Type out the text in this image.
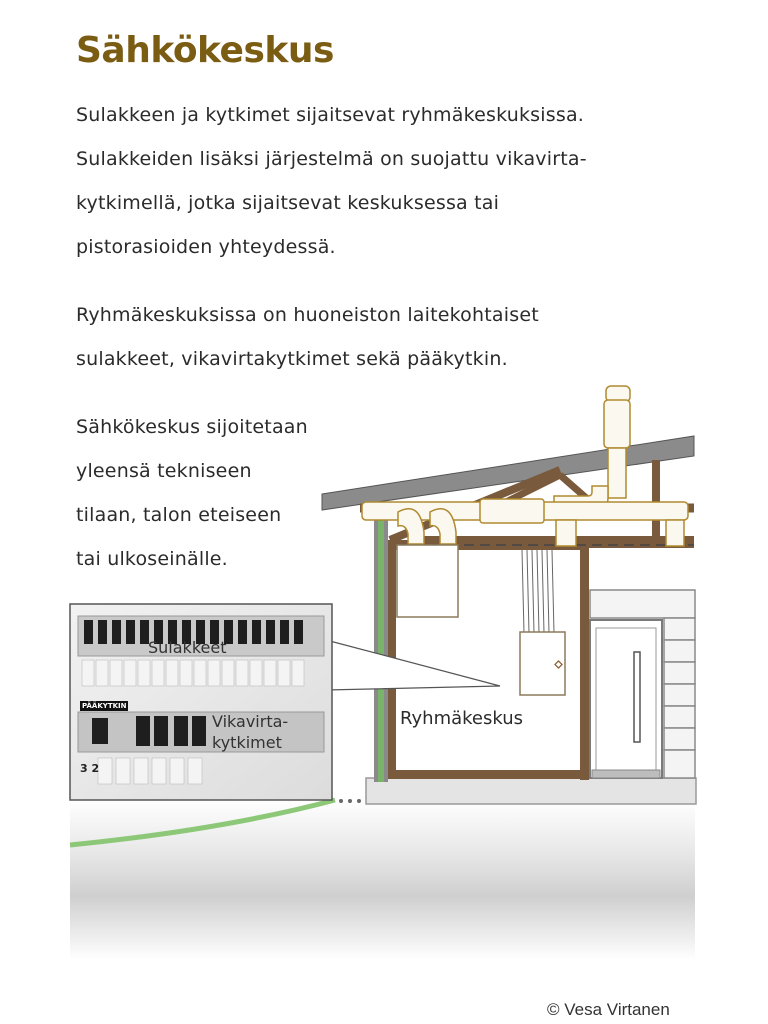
Sähkökeskus
Sulakkeen ja kytkimet sijaitsevat ryhmäkeskuksissa.
Sulakkeiden lisäksi järjestelmä on suojattu vikavirta-
kytkimellä, jotka sijaitsevat keskuksessa tai
pistorasioiden yhteydessä.
Ryhmäkeskuksissa on huoneiston laitekohtaiset
sulakkeet, vikavirtakytkimet sekä pääkytkin.
Sulakkeet
PÄÄKYTKIN
Vikavirta-
kytkimet
3 2
Sähkökeskus sijoitetaan
yleensä tekniseen
tilaan, talon eteiseen
tai ulkoseinälle.
Ryhmäkeskus
© Vesa Virtanen
